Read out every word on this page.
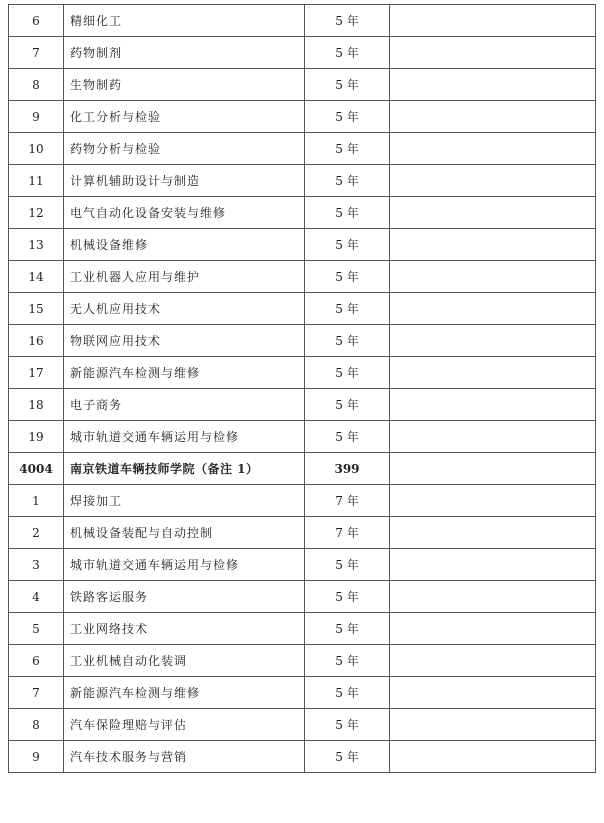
6	精细化工	5 年	
7	药物制剂	5 年	
8	生物制药	5 年	
9	化工分析与检验	5 年	
10	药物分析与检验	5 年	
11	计算机辅助设计与制造	5 年	
12	电气自动化设备安装与维修	5 年	
13	机械设备维修	5 年	
14	工业机器人应用与维护	5 年	
15	无人机应用技术	5 年	
16	物联网应用技术	5 年	
17	新能源汽车检测与维修	5 年	
18	电子商务	5 年	
19	城市轨道交通车辆运用与检修	5 年	
4004	南京铁道车辆技师学院（备注 1）	399	
1	焊接加工	7 年	
2	机械设备装配与自动控制	7 年	
3	城市轨道交通车辆运用与检修	5 年	
4	铁路客运服务	5 年	
5	工业网络技术	5 年	
6	工业机械自动化装调	5 年	
7	新能源汽车检测与维修	5 年	
8	汽车保险理赔与评估	5 年	
9	汽车技术服务与营销	5 年	
